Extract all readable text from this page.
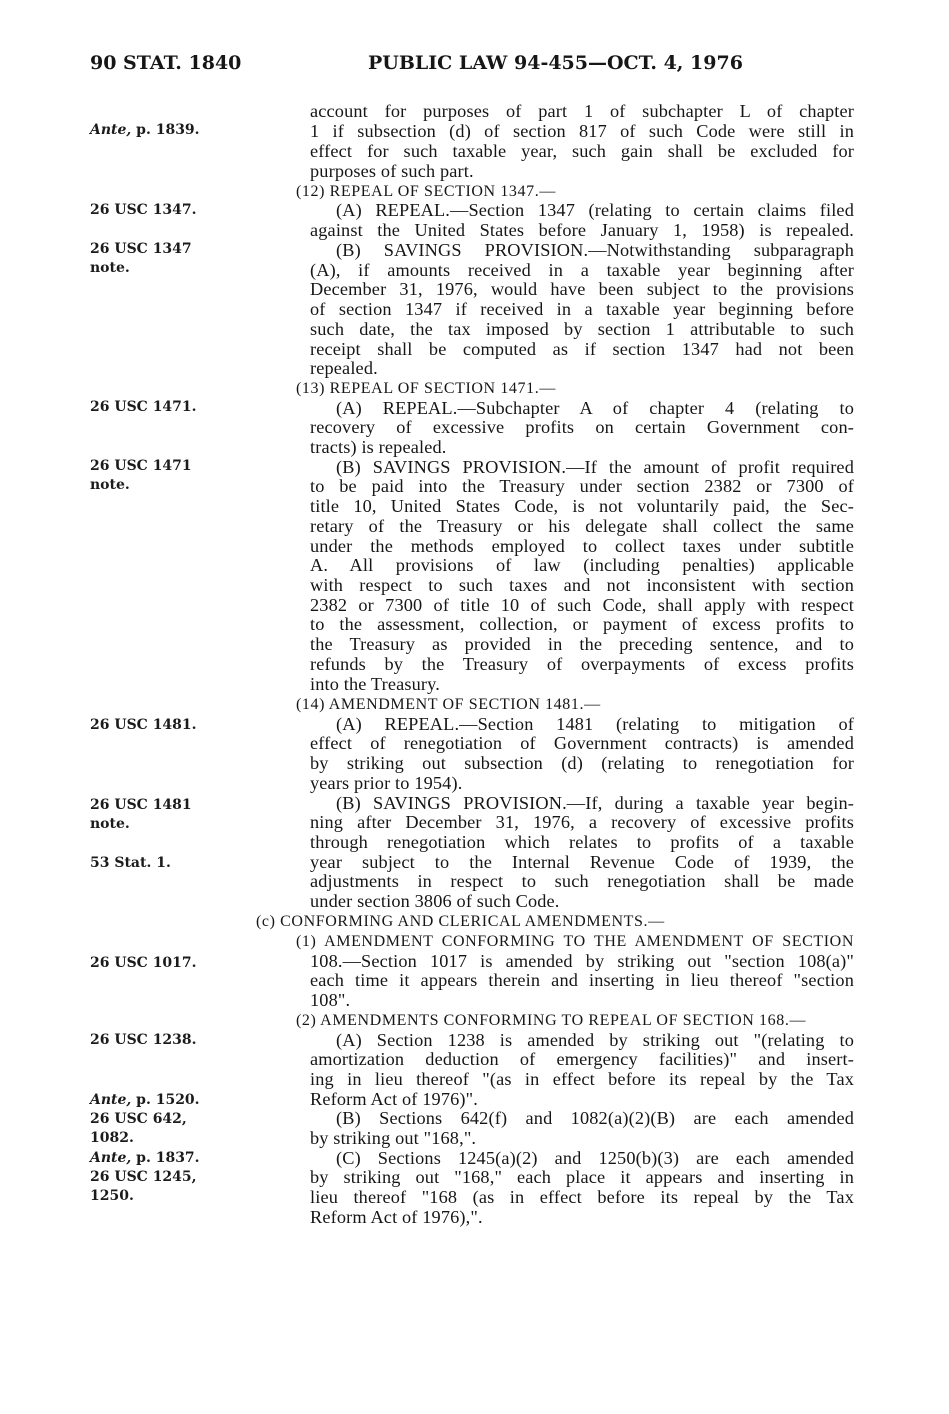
90 STAT. 1840	PUBLIC LAW 94-455—OCT. 4, 1976
Ante, p. 1839.
26 USC 1347.
26 USC 1347
note.
26 USC 1471.
26 USC 1471
note.
26 USC 1481.
26 USC 1481
note.
53 Stat. 1.
26 USC 1017.
26 USC 1238.
Ante, p. 1520.
26 USC 642,
1082.
Ante, p. 1837.
26 USC 1245,
1250.
account for purposes of part 1 of subchapter L of chapter
1 if subsection (d) of section 817 of such Code were still in
effect for such taxable year, such gain shall be excluded for
purposes of such part.
(12) REPEAL OF SECTION 1347.—
(A) REPEAL.—Section 1347 (relating to certain claims filed
against the United States before January 1, 1958) is repealed.
(B) SAVINGS PROVISION.—Notwithstanding subparagraph
(A), if amounts received in a taxable year beginning after
December 31, 1976, would have been subject to the provisions
of section 1347 if received in a taxable year beginning before
such date, the tax imposed by section 1 attributable to such
receipt shall be computed as if section 1347 had not been
repealed.
(13) REPEAL OF SECTION 1471.—
(A) REPEAL.—Subchapter A of chapter 4 (relating to
recovery of excessive profits on certain Government con-
tracts) is repealed.
(B) SAVINGS PROVISION.—If the amount of profit required
to be paid into the Treasury under section 2382 or 7300 of
title 10, United States Code, is not voluntarily paid, the Sec-
retary of the Treasury or his delegate shall collect the same
under the methods employed to collect taxes under subtitle
A. All provisions of law (including penalties) applicable
with respect to such taxes and not inconsistent with section
2382 or 7300 of title 10 of such Code, shall apply with respect
to the assessment, collection, or payment of excess profits to
the Treasury as provided in the preceding sentence, and to
refunds by the Treasury of overpayments of excess profits
into the Treasury.
(14) AMENDMENT OF SECTION 1481.—
(A) REPEAL.—Section 1481 (relating to mitigation of
effect of renegotiation of Government contracts) is amended
by striking out subsection (d) (relating to renegotiation for
years prior to 1954).
(B) SAVINGS PROVISION.—If, during a taxable year begin-
ning after December 31, 1976, a recovery of excessive profits
through renegotiation which relates to profits of a taxable
year subject to the Internal Revenue Code of 1939, the
adjustments in respect to such renegotiation shall be made
under section 3806 of such Code.
(c) CONFORMING AND CLERICAL AMENDMENTS.—
(1) AMENDMENT CONFORMING TO THE AMENDMENT OF SECTION
108.—Section 1017 is amended by striking out "section 108(a)"
each time it appears therein and inserting in lieu thereof "section
108".
(2) AMENDMENTS CONFORMING TO REPEAL OF SECTION 168.—
(A) Section 1238 is amended by striking out "(relating to
amortization deduction of emergency facilities)" and insert-
ing in lieu thereof "(as in effect before its repeal by the Tax
Reform Act of 1976)".
(B) Sections 642(f) and 1082(a)(2)(B) are each amended
by striking out "168,".
(C) Sections 1245(a)(2) and 1250(b)(3) are each amended
by striking out "168," each place it appears and inserting in
lieu thereof "168 (as in effect before its repeal by the Tax
Reform Act of 1976),".
